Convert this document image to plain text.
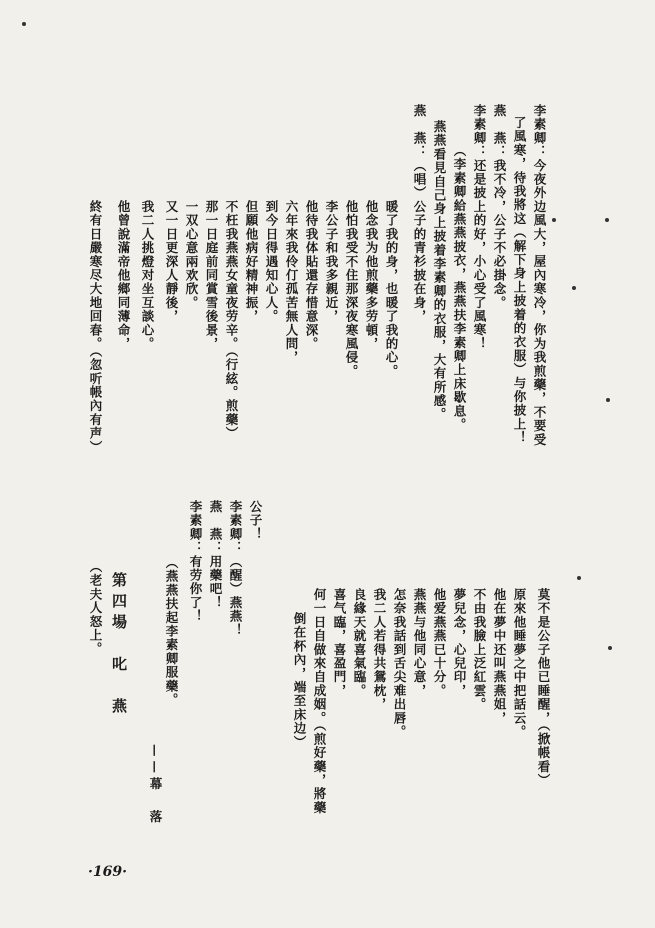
李素卿：今夜外边風大，屋內寒冷，你为我煎藥，不要受
了風寒，待我將这（解下身上披着的衣服）与你披上！
燕　燕：我不冷，公子不必掛念。
李素卿：还是披上的好，小心受了風寒！
（李素卿給燕燕披衣，燕燕扶李素卿上床歇息。
燕燕看見自己身上披着李素卿的衣服，大有所感。
燕　燕：（唱）公子的青衫披在身，
暖了我的身，也暖了我的心。
他念我为他煎藥多劳頓，
他怕我受不住那深夜寒風侵。
李公子和我多親近，
他待我体貼還存惜意深。
六年來我伶仃孤苦無人問，
到今日得遇知心人。
但願他病好精神振，
不枉我燕燕女童夜劳辛。（行絃。煎藥）
那一日庭前同賞雪後景，
一双心意兩欢欣。
又一日更深人靜後，
我二人挑燈对坐互談心。
他曾說滿帝他鄉同薄命，
終有日嚴寒尽大地回春。（忽听帳內有声）
莫不是公子他已睡醒，（掀帳看）
原來他睡夢之中把話云。
他在夢中还叫燕燕姐，
不由我臉上泛紅雲。
夢兒念，心兒印，
他爱燕燕已十分。
燕燕与他同心意，
怎奈我話到舌尖难出唇。
我二人若得共鴛枕，
良緣天就喜氣臨。
喜气臨，喜盈門，
何一日自做來自成姻。（煎好藥，將藥
倒在杯內，端至床边）
公子！
李素卿：（醒）燕燕！
燕　燕：用藥吧！
李素卿：有劳你了！
（燕燕扶起李素卿服藥。
——幕　落
第四場　叱　燕
（老夫人怒上。
·169·
